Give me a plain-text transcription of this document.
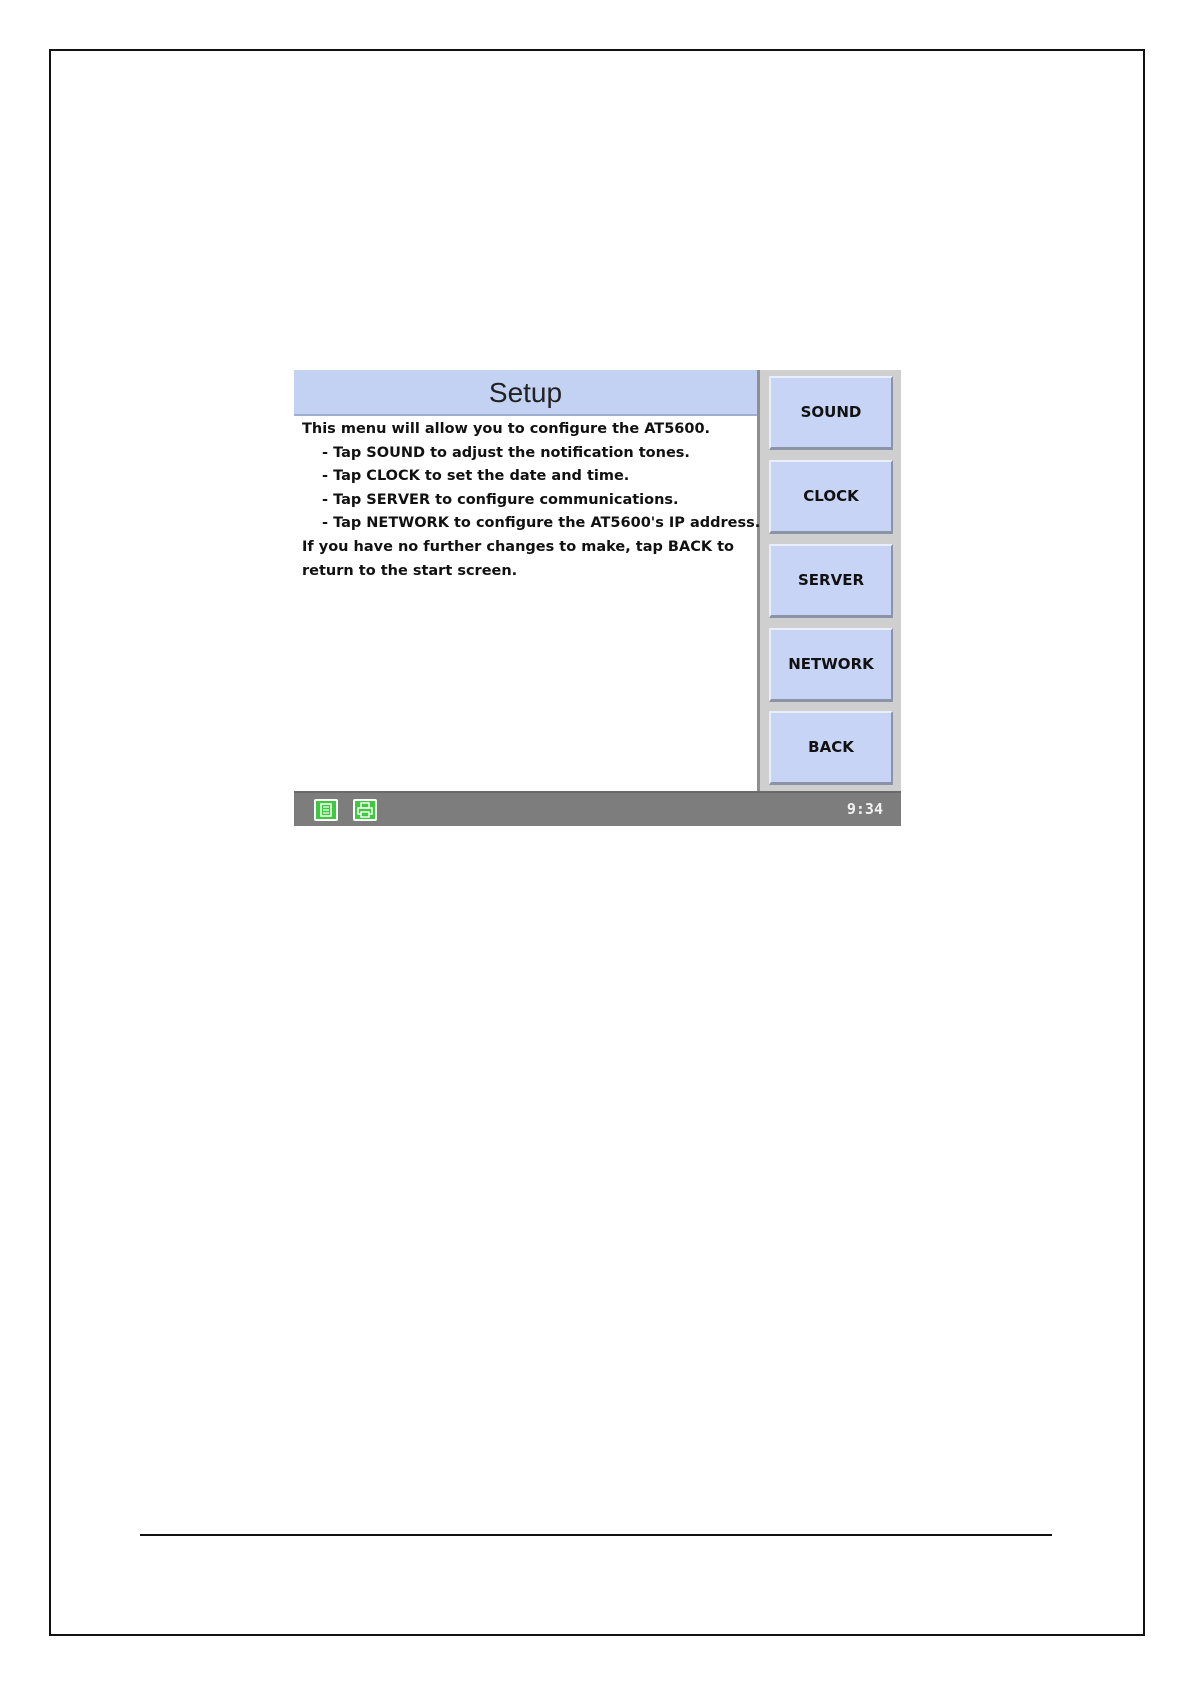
Setup
This menu will allow you to configure the AT5600.
- Tap SOUND to adjust the notification tones.
- Tap CLOCK to set the date and time.
- Tap SERVER to configure communications.
- Tap NETWORK to configure the AT5600's IP address.
If you have no further changes to make, tap BACK to
return to the start screen.
SOUND
CLOCK
SERVER
NETWORK
BACK
9:34
